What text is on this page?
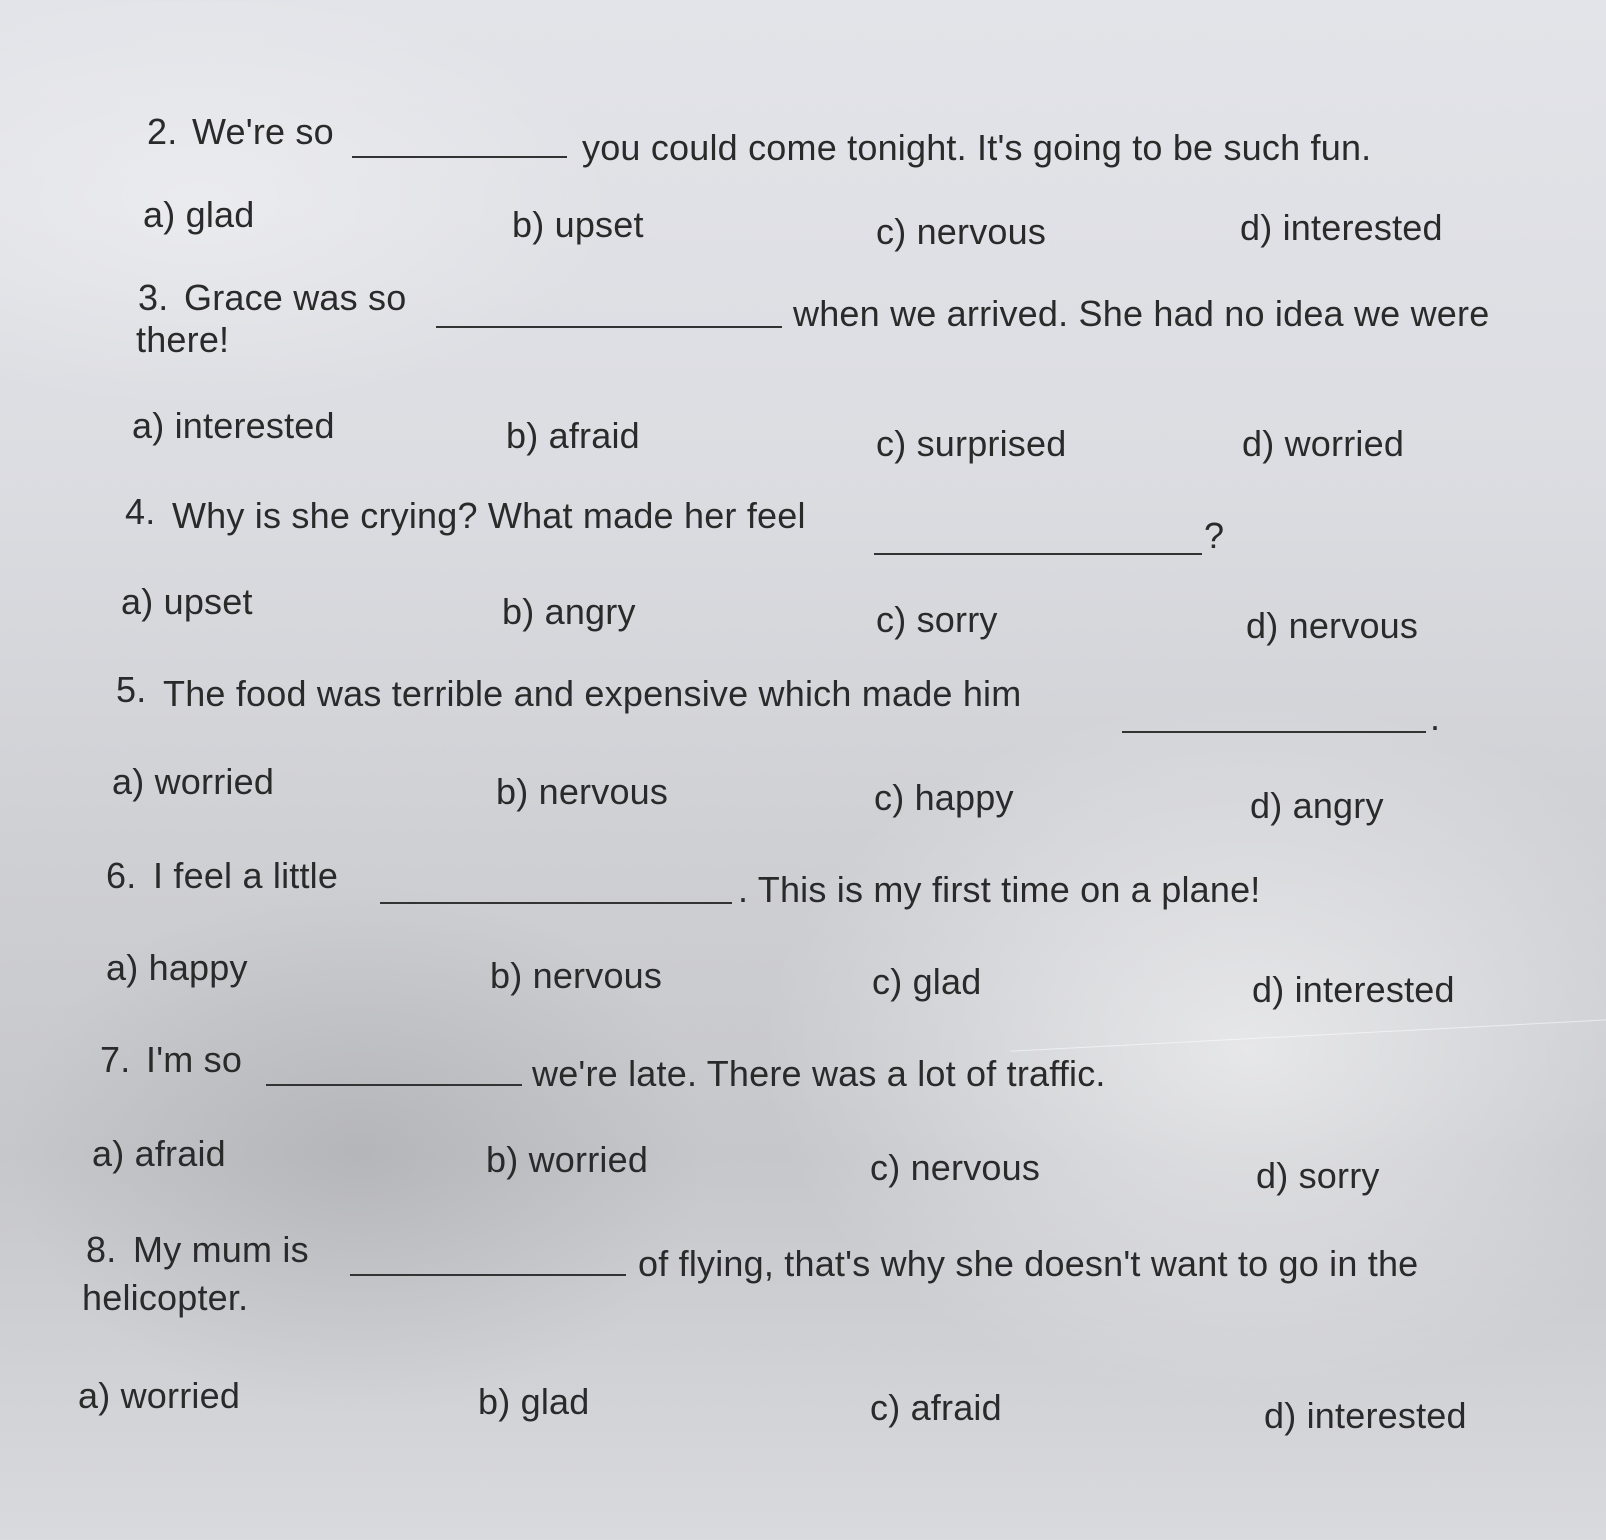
2. We're so	you could come tonight. It's going to be such fun.
a) glad	b) upset	c) nervous	d) interested
3. Grace was so	when we arrived. She had no idea we were
there!
a) interested	b) afraid	c) surprised	d) worried
4. Why is she crying? What made her feel	?
a) upset	b) angry	c) sorry	d) nervous
5. The food was terrible and expensive which made him
.
a) worried	b) nervous	c) happy	d) angry
6. I feel a little	. This is my first time on a plane!
a) happy	b) nervous	c) glad	d) interested
7. I'm so	we're late. There was a lot of traffic.
a) afraid	b) worried	c) nervous	d) sorry
8. My mum is	of flying, that's why she doesn't want to go in the
helicopter.
a) worried	b) glad	c) afraid	d) interested
